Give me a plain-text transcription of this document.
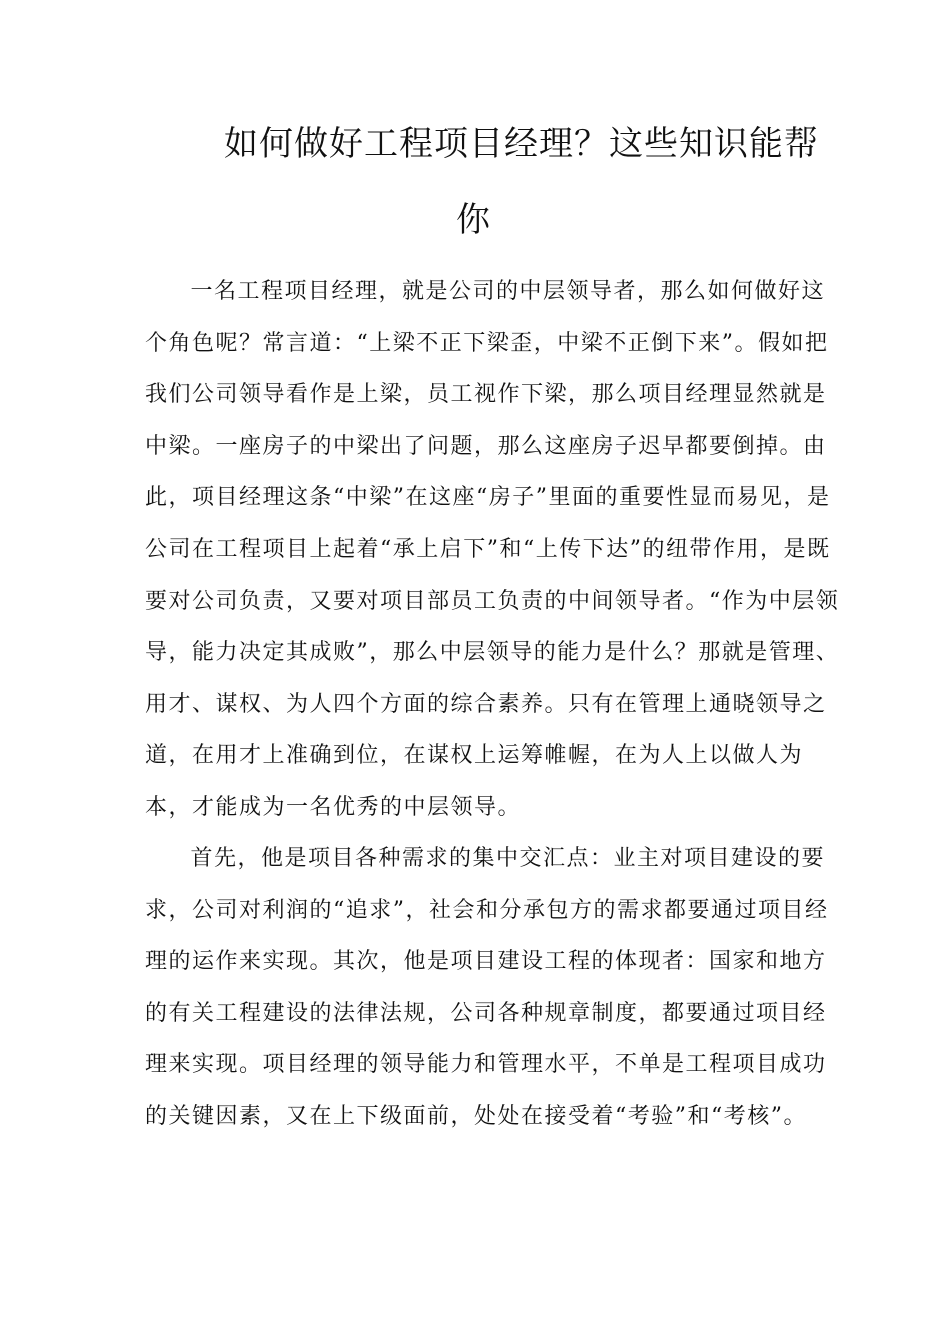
如何做好工程项目经理？这些知识能帮
你
　一名工程项目经理，就是公司的中层领导者，那么如何做好这
个角色呢？常言道：“上梁不正下梁歪，中梁不正倒下来”。假如把
我们公司领导看作是上梁，员工视作下梁，那么项目经理显然就是
中梁。一座房子的中梁出了问题，那么这座房子迟早都要倒掉。由
此，项目经理这条“中梁”在这座“房子”里面的重要性显而易见，是
公司在工程项目上起着“承上启下”和“上传下达”的纽带作用，是既
要对公司负责，又要对项目部员工负责的中间领导者。“作为中层领
导，能力决定其成败”，那么中层领导的能力是什么？那就是管理、
用才、谋权、为人四个方面的综合素养。只有在管理上通晓领导之
道，在用才上准确到位，在谋权上运筹帷幄，在为人上以做人为
本，才能成为一名优秀的中层领导。
　首先，他是项目各种需求的集中交汇点：业主对项目建设的要
求，公司对利润的“追求”，社会和分承包方的需求都要通过项目经
理的运作来实现。其次，他是项目建设工程的体现者：国家和地方
的有关工程建设的法律法规，公司各种规章制度，都要通过项目经
理来实现。项目经理的领导能力和管理水平，不单是工程项目成功
的关键因素，又在上下级面前，处处在接受着“考验”和“考核”。
